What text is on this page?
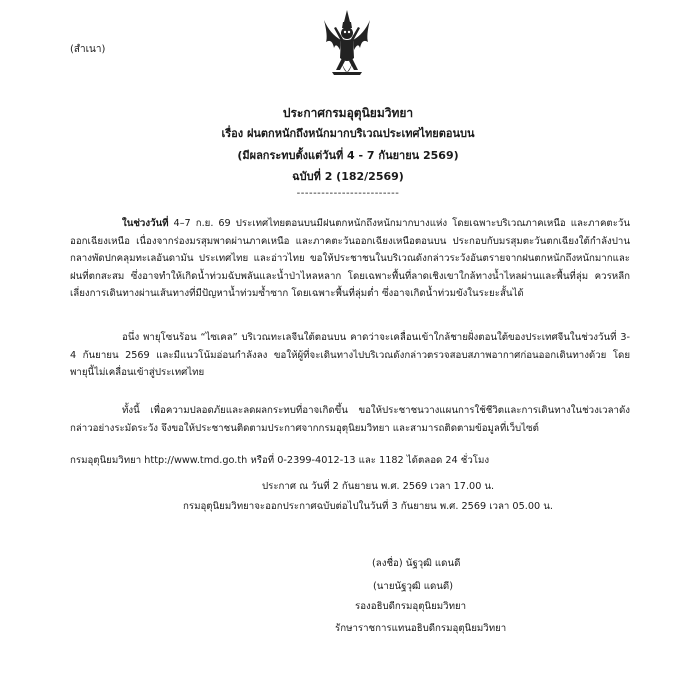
(สำเนา)
ประกาศกรมอุตุนิยมวิทยา
เรื่อง ฝนตกหนักถึงหนักมากบริเวณประเทศไทยตอนบน
(มีผลกระทบตั้งแต่วันที่ 4 - 7 กันยายน 2569)
ฉบับที่ 2 (182/2569)
-------------------------
ในช่วงวันที่ 4–7 ก.ย. 69 ประเทศไทยตอนบนมีฝนตกหนักถึงหนักมากบางแห่ง โดยเฉพาะบริเวณภาคเหนือ และภาคตะวันออกเฉียงเหนือ เนื่องจากร่องมรสุมพาดผ่านภาคเหนือ และภาคตะวันออกเฉียงเหนือตอนบน ประกอบกับมรสุมตะวันตกเฉียงใต้กำลังปานกลางพัดปกคลุมทะเลอันดามัน ประเทศไทย และอ่าวไทย ขอให้ประชาชนในบริเวณดังกล่าวระวังอันตรายจากฝนตกหนักถึงหนักมากและฝนที่ตกสะสม ซึ่งอาจทำให้เกิดน้ำท่วมฉับพลันและน้ำป่าไหลหลาก โดยเฉพาะพื้นที่ลาดเชิงเขาใกล้ทางน้ำไหลผ่านและพื้นที่ลุ่ม ควรหลีกเลี่ยงการเดินทางผ่านเส้นทางที่มีปัญหาน้ำท่วมซ้ำซาก โดยเฉพาะพื้นที่ลุ่มต่ำ ซึ่งอาจเกิดน้ำท่วมขังในระยะสั้นได้
อนึ่ง พายุโซนร้อน “ไซเคล” บริเวณทะเลจีนใต้ตอนบน คาดว่าจะเคลื่อนเข้าใกล้ชายฝั่งตอนใต้ของประเทศจีนในช่วงวันที่ 3-4 กันยายน 2569 และมีแนวโน้มอ่อนกำลังลง ขอให้ผู้ที่จะเดินทางไปบริเวณดังกล่าวตรวจสอบสภาพอากาศก่อนออกเดินทางด้วย โดยพายุนี้ไม่เคลื่อนเข้าสู่ประเทศไทย
ทั้งนี้ เพื่อความปลอดภัยและลดผลกระทบที่อาจเกิดขึ้น ขอให้ประชาชนวางแผนการใช้ชีวิตและการเดินทางในช่วงเวลาดังกล่าวอย่างระมัดระวัง จึงขอให้ประชาชนติดตามประกาศจากกรมอุตุนิยมวิทยา และสามารถติดตามข้อมูลที่เว็บไซต์
กรมอุตุนิยมวิทยา http://www.tmd.go.th หรือที่ 0-2399-4012-13 และ 1182 ได้ตลอด 24 ชั่วโมง
ประกาศ ณ วันที่ 2 กันยายน พ.ศ. 2569 เวลา 17.00 น.
กรมอุตุนิยมวิทยาจะออกประกาศฉบับต่อไปในวันที่ 3 กันยายน พ.ศ. 2569 เวลา 05.00 น.
(ลงชื่อ) นัฐวุฒิ แดนดี
(นายนัฐวุฒิ แดนดี)
รองอธิบดีกรมอุตุนิยมวิทยา
รักษาราชการแทนอธิบดีกรมอุตุนิยมวิทยา
